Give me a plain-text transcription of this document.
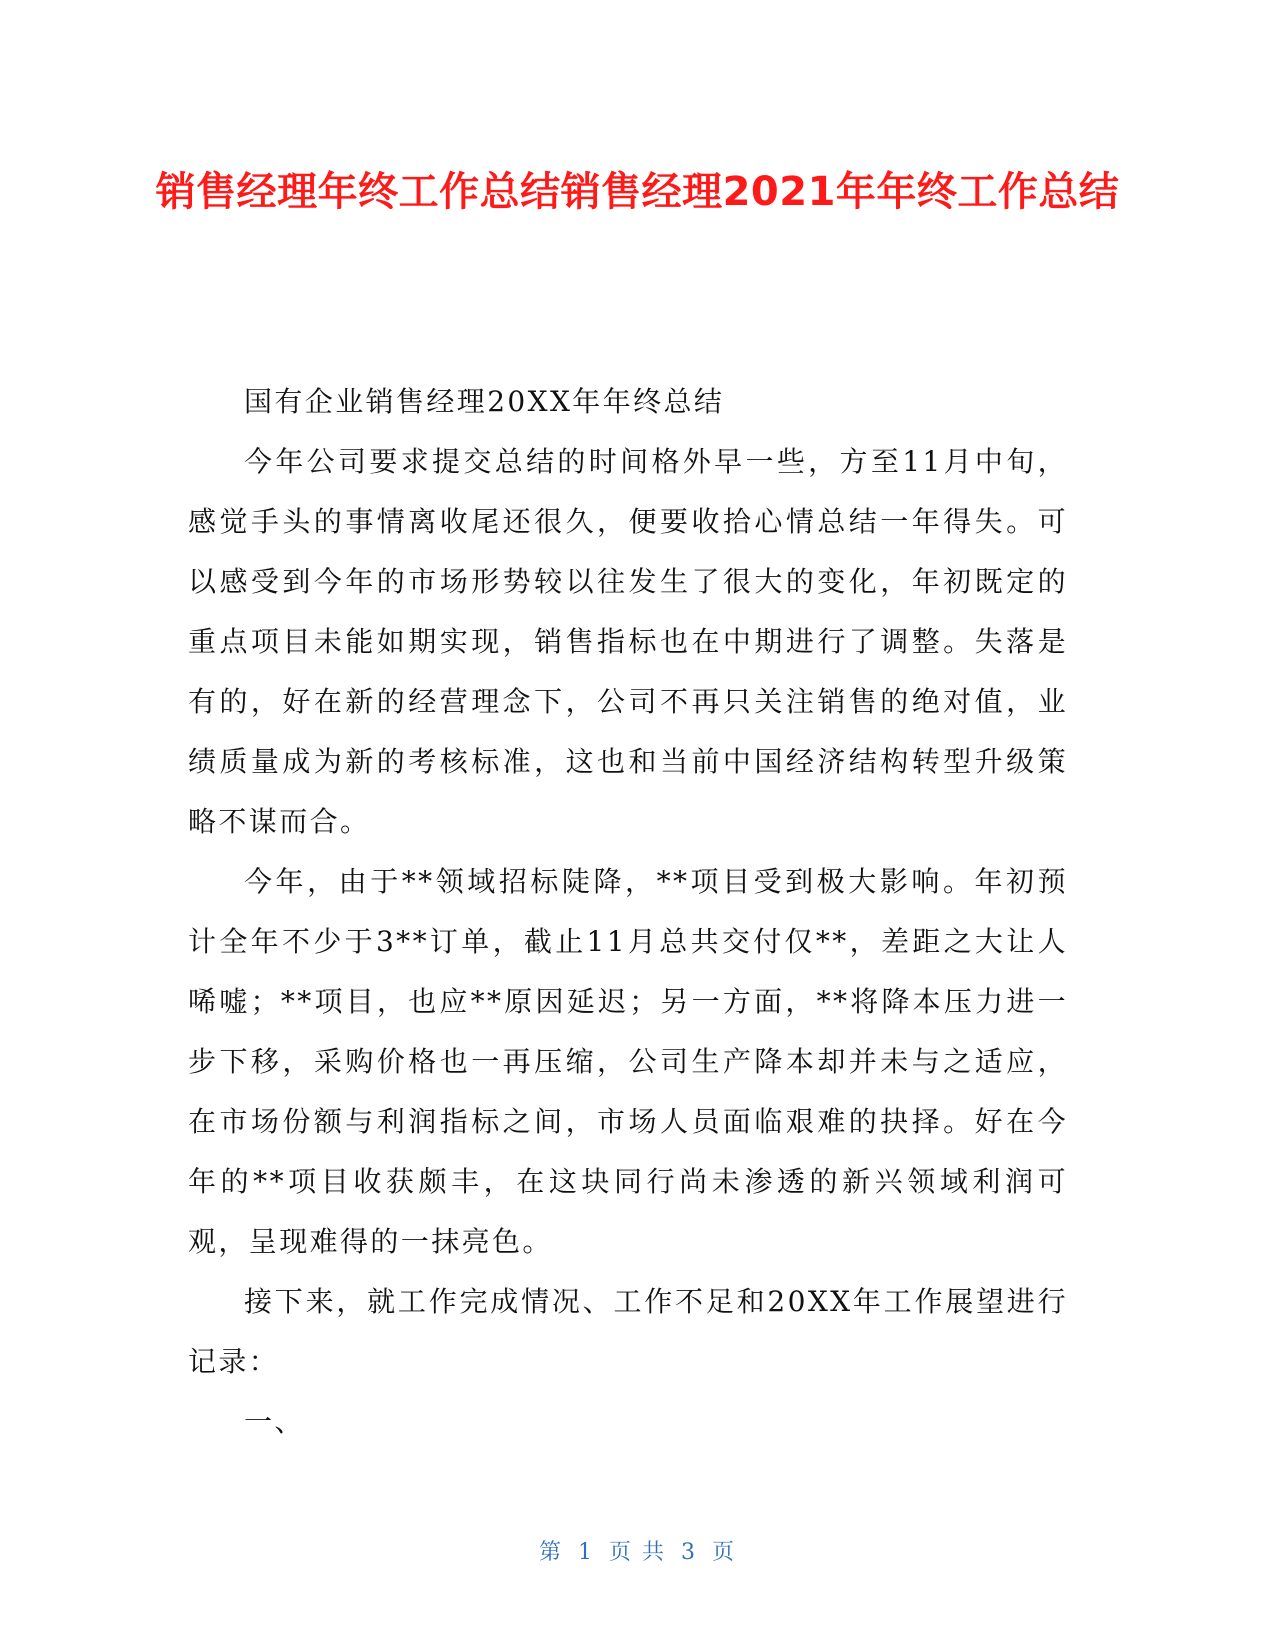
销售经理年终工作总结销售经理2021年年终工作总结

国有企业销售经理20XX年年终总结

今年公司要求提交总结的时间格外早一些，方至11月中旬，感觉手头的事情离收尾还很久，便要收拾心情总结一年得失。可以感受到今年的市场形势较以往发生了很大的变化，年初既定的重点项目未能如期实现，销售指标也在中期进行了调整。失落是有的，好在新的经营理念下，公司不再只关注销售的绝对值，业绩质量成为新的考核标准，这也和当前中国经济结构转型升级策略不谋而合。

今年，由于**领域招标陡降，**项目受到极大影响。年初预计全年不少于3**订单，截止11月总共交付仅**，差距之大让人唏嘘；**项目，也应**原因延迟；另一方面，**将降本压力进一步下移，采购价格也一再压缩，公司生产降本却并未与之适应，在市场份额与利润指标之间，市场人员面临艰难的抉择。好在今年的**项目收获颇丰，在这块同行尚未渗透的新兴领域利润可观，呈现难得的一抹亮色。

接下来，就工作完成情况、工作不足和20XX年工作展望进行记录：

一、

第 1 页 共 3 页
